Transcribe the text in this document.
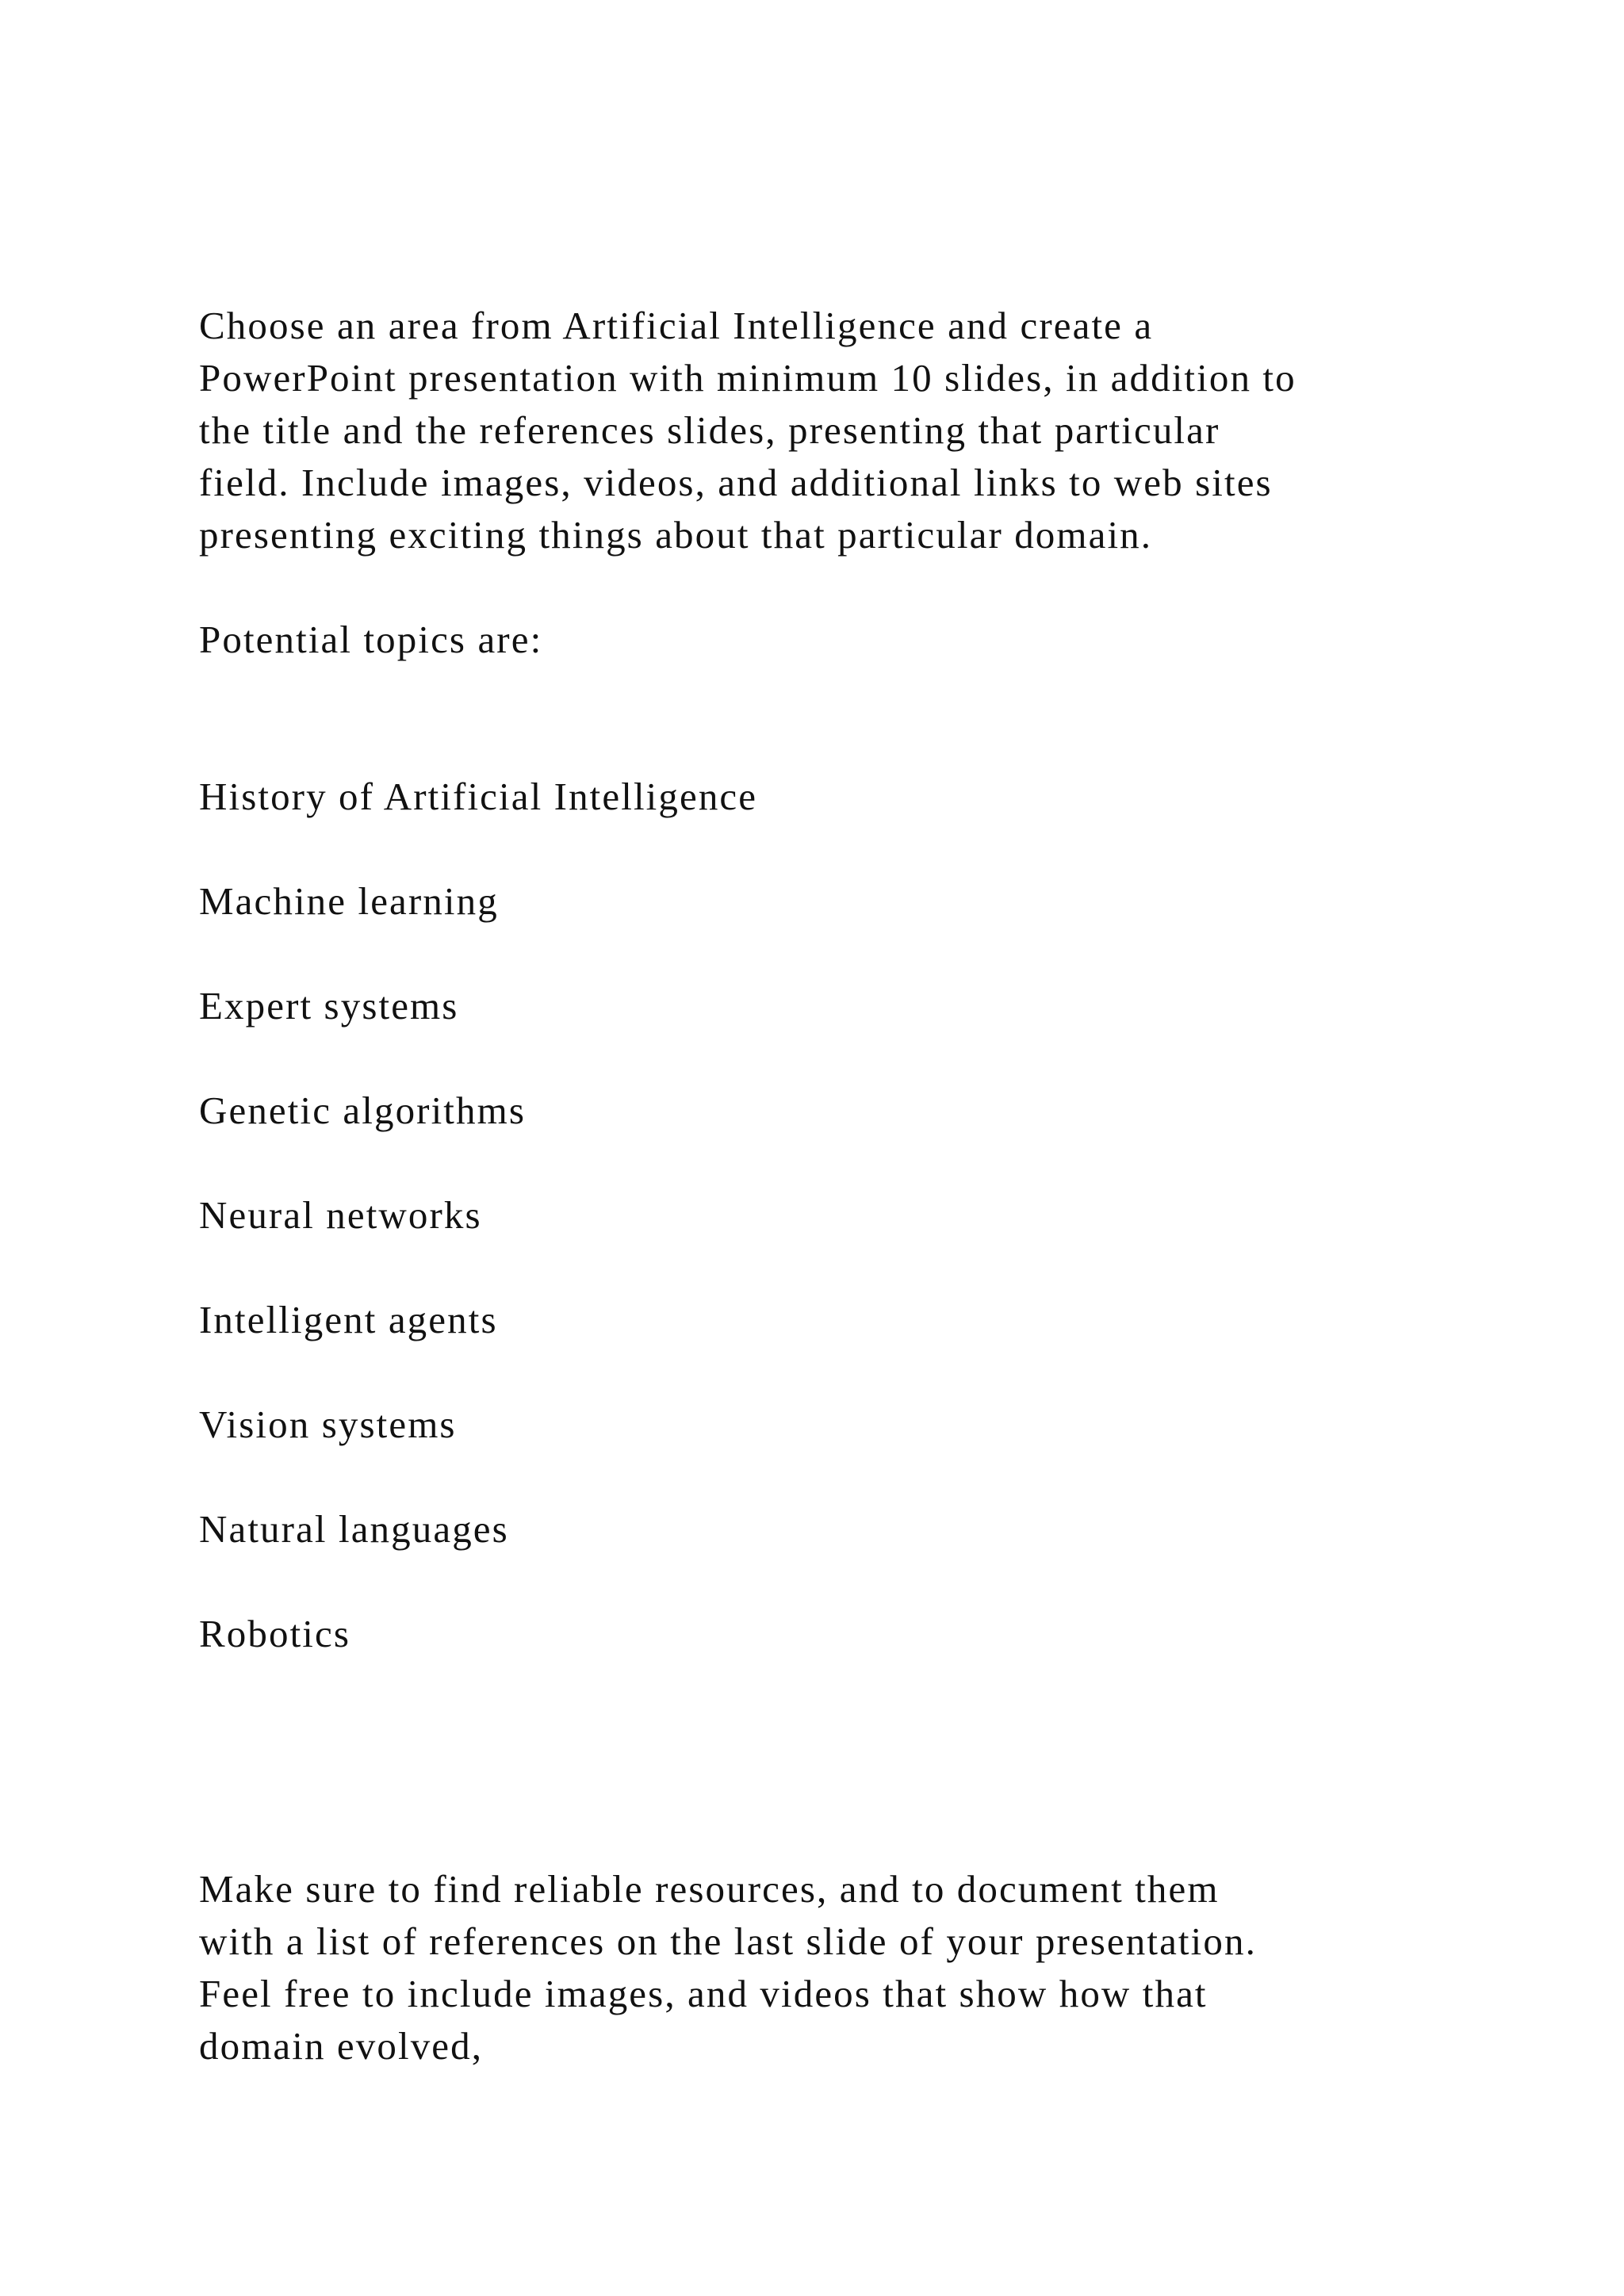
Choose an area from Artificial Intelligence and create a
PowerPoint presentation with minimum 10 slides, in addition to
the title and the references slides, presenting that particular
field. Include images, videos, and additional links to web sites
presenting exciting things about that particular domain.

Potential topics are:

History of Artificial Intelligence
Machine learning
Expert systems
Genetic algorithms
Neural networks
Intelligent agents
Vision systems
Natural languages
Robotics

Make sure to find reliable resources, and to document them
with a list of references on the last slide of your presentation.
Feel free to include images, and videos that show how that
domain evolved,
